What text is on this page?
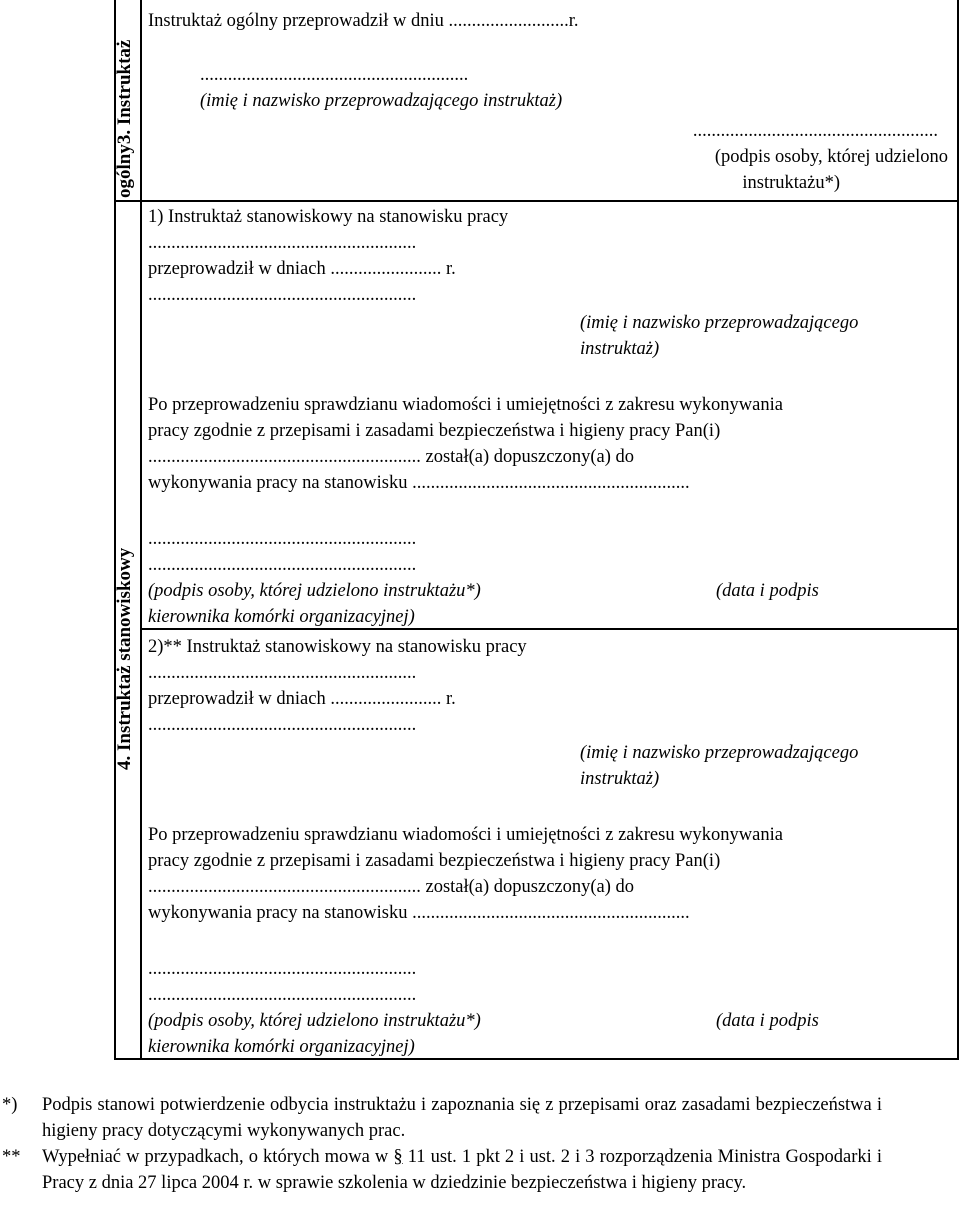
ogólny3. Instruktaż
4. Instruktaż stanowiskowy
Instruktaż ogólny przeprowadził w dniu ..........................r.
..........................................................
(imię i nazwisko przeprowadzającego instruktaż)
.....................................................
(podpis osoby, której udzielono
instruktażu*)
1) Instruktaż stanowiskowy na stanowisku pracy
..........................................................
przeprowadził w dniach ........................ r.
..........................................................
(imię i nazwisko przeprowadzającego
instruktaż)
Po przeprowadzeniu sprawdzianu wiadomości i umiejętności z zakresu wykonywania
pracy zgodnie z przepisami i zasadami bezpieczeństwa i higieny pracy Pan(i)
........................................................... został(a) dopuszczony(a) do
wykonywania pracy na stanowisku ............................................................
..........................................................
..........................................................
(podpis osoby, której udzielono instruktażu*)	(data i podpis
kierownika komórki organizacyjnej)
2)** Instruktaż stanowiskowy na stanowisku pracy
..........................................................
przeprowadził w dniach ........................ r.
..........................................................
(imię i nazwisko przeprowadzającego
instruktaż)
Po przeprowadzeniu sprawdzianu wiadomości i umiejętności z zakresu wykonywania
pracy zgodnie z przepisami i zasadami bezpieczeństwa i higieny pracy Pan(i)
........................................................... został(a) dopuszczony(a) do
wykonywania pracy na stanowisku ............................................................
..........................................................
..........................................................
(podpis osoby, której udzielono instruktażu*)	(data i podpis
kierownika komórki organizacyjnej)
*) Podpis stanowi potwierdzenie odbycia instruktażu i zapoznania się z przepisami oraz zasadami bezpieczeństwa i higieny pracy dotyczącymi wykonywanych prac.
** Wypełniać w przypadkach, o których mowa w § 11 ust. 1 pkt 2 i ust. 2 i 3 rozporządzenia Ministra Gospodarki i Pracy z dnia 27 lipca 2004 r. w sprawie szkolenia w dziedzinie bezpieczeństwa i higieny pracy.
